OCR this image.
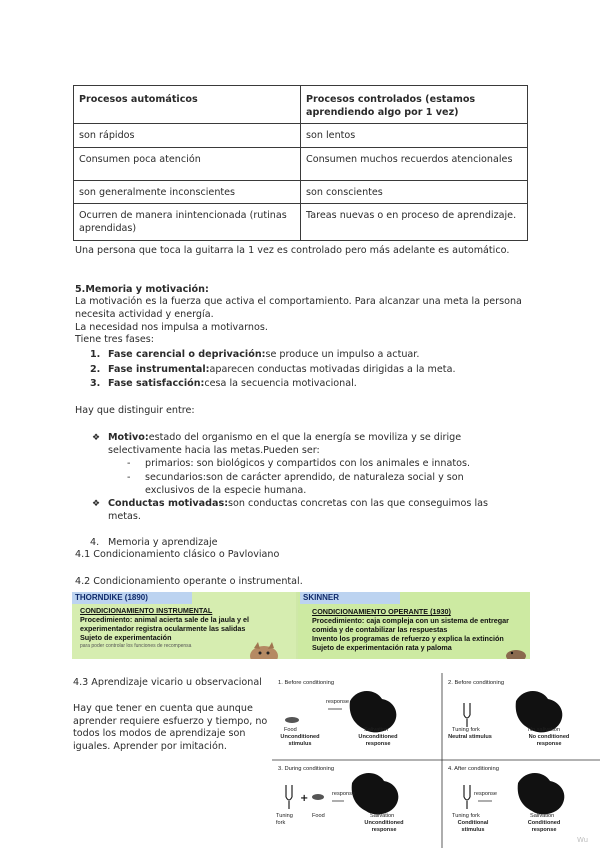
Procesos automáticos	Procesos controlados (estamos aprendiendo algo por 1 vez)
son rápidos	son lentos
Consumen poca atención	Consumen muchos recuerdos atencionales
son generalmente inconscientes	son conscientes
Ocurren de manera inintencionada (rutinas aprendidas)	Tareas nuevas o en proceso de aprendizaje.
Una persona que toca la guitarra la 1 vez es controlado pero más adelante es automático.
5.Memoria y motivación:
La motivación es la fuerza que activa el comportamiento. Para alcanzar una meta la persona necesita actividad y energía.
La necesidad nos impulsa a motivarnos.
Tiene tres fases:
1. Fase carencial o deprivación:se produce un impulso a actuar.
2. Fase instrumental:aparecen conductas motivadas dirigidas a la meta.
3. Fase satisfacción:cesa la secuencia motivacional.
Hay que distinguir entre:
❖ Motivo:estado del organismo en el que la energía se moviliza y se dirige selectivamente hacia las metas.Pueden ser:
- primarios: son biológicos y compartidos con los animales e innatos.
- secundarios:son de carácter aprendido, de naturaleza social y son exclusivos de la especie humana.
❖ Conductas motivadas:son conductas concretas con las que conseguimos las metas.
4. Memoria y aprendizaje
4.1 Condicionamiento clásico o Pavloviano
4.2 Condicionamiento operante o instrumental.
THORNDIKE (1890)	SKINNER
CONDICIONAMIENTO INSTRUMENTAL
Procedimiento: animal acierta sale de la jaula y el
experimentador registra ocularmente las salidas
Sujeto de experimentación
para poder controlar los funciones de recompensa
CONDICIONAMIENTO OPERANTE (1930)
Procedimiento: caja compleja con un sistema de entregar
comida y de contabilizar las respuestas
Invento los programas de refuerzo y explica la extinción
Sujeto de experimentación rata y paloma
4.3 Aprendizaje vicario u observacional
Hay que tener en cuenta que aunque aprender requiere esfuerzo y tiempo, no todos los modos de aprendizaje son iguales. Aprender por imitación.
+
1. Before conditioning	2. Before conditioning
3. During conditioning	4. After conditioning
response
Food	Salivation
Unconditioned stimulus
Unconditioned response
Tuning fork	No salivation
Neutral stimulus	No conditioned response
response
Tuning fork
Food	Salivation
Unconditioned response
response
Tuning fork	Salivation
Conditional stimulus
Conditioned response
Wu
